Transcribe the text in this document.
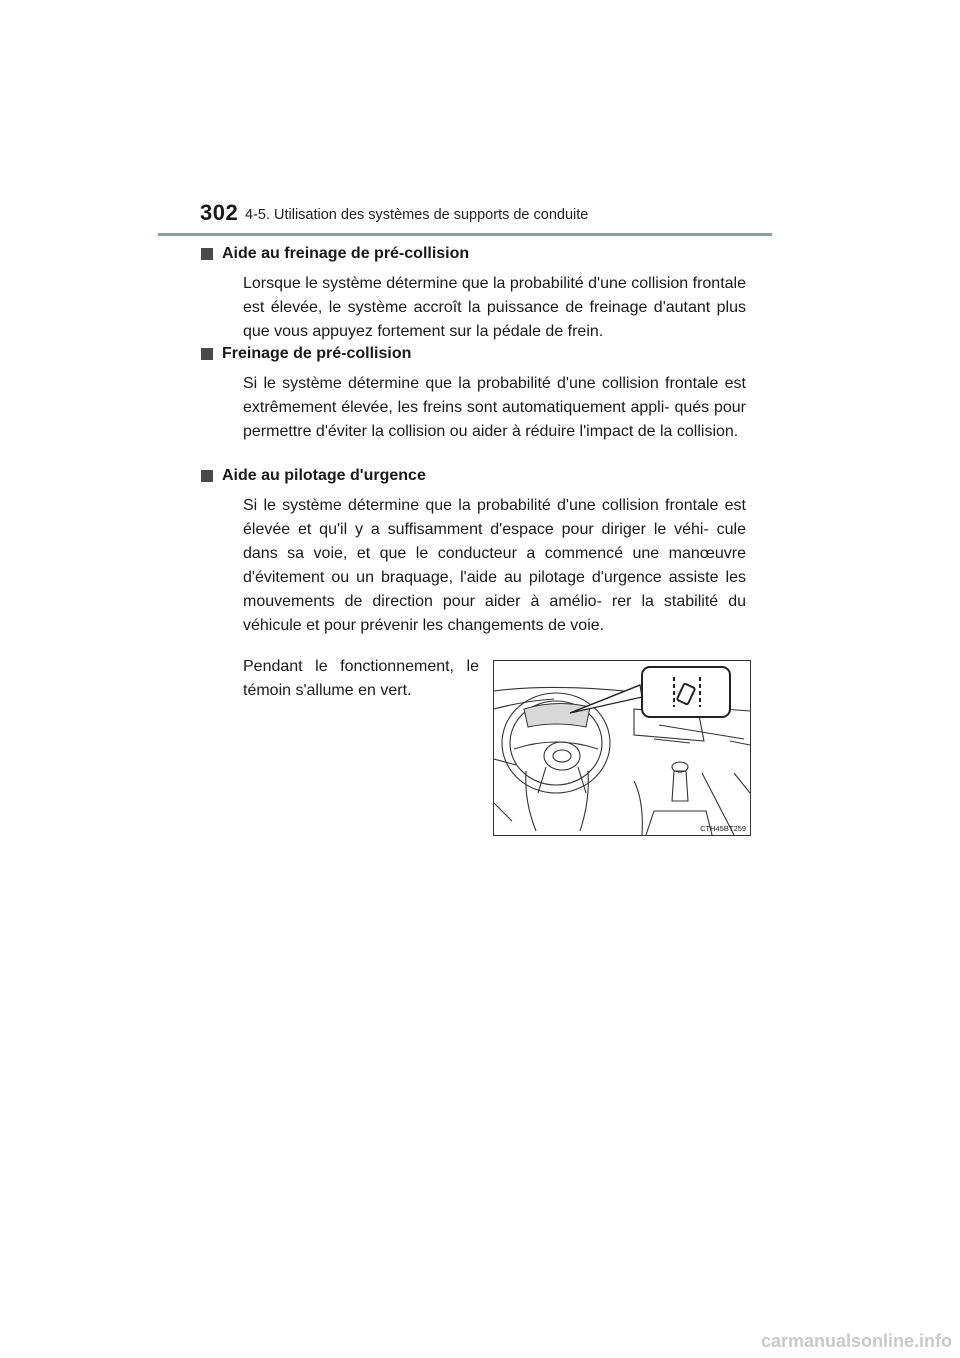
302 4-5. Utilisation des systèmes de supports de conduite
Aide au freinage de pré-collision
Lorsque le système détermine que la probabilité d'une collision frontale est élevée, le système accroît la puissance de freinage d'autant plus que vous appuyez fortement sur la pédale de frein.
Freinage de pré-collision
Si le système détermine que la probabilité d'une collision frontale est extrêmement élevée, les freins sont automatiquement appli- qués pour permettre d'éviter la collision ou aider à réduire l'impact de la collision.
Aide au pilotage d'urgence
Si le système détermine que la probabilité d'une collision frontale est élevée et qu'il y a suffisamment d'espace pour diriger le véhi- cule dans sa voie, et que le conducteur a commencé une manœuvre d'évitement ou un braquage, l'aide au pilotage d'urgence assiste les mouvements de direction pour aider à amélio- rer la stabilité du véhicule et pour prévenir les changements de voie.
Pendant le fonctionnement, le témoin s'allume en vert.
CTH45BT259
carmanualsonline.info
